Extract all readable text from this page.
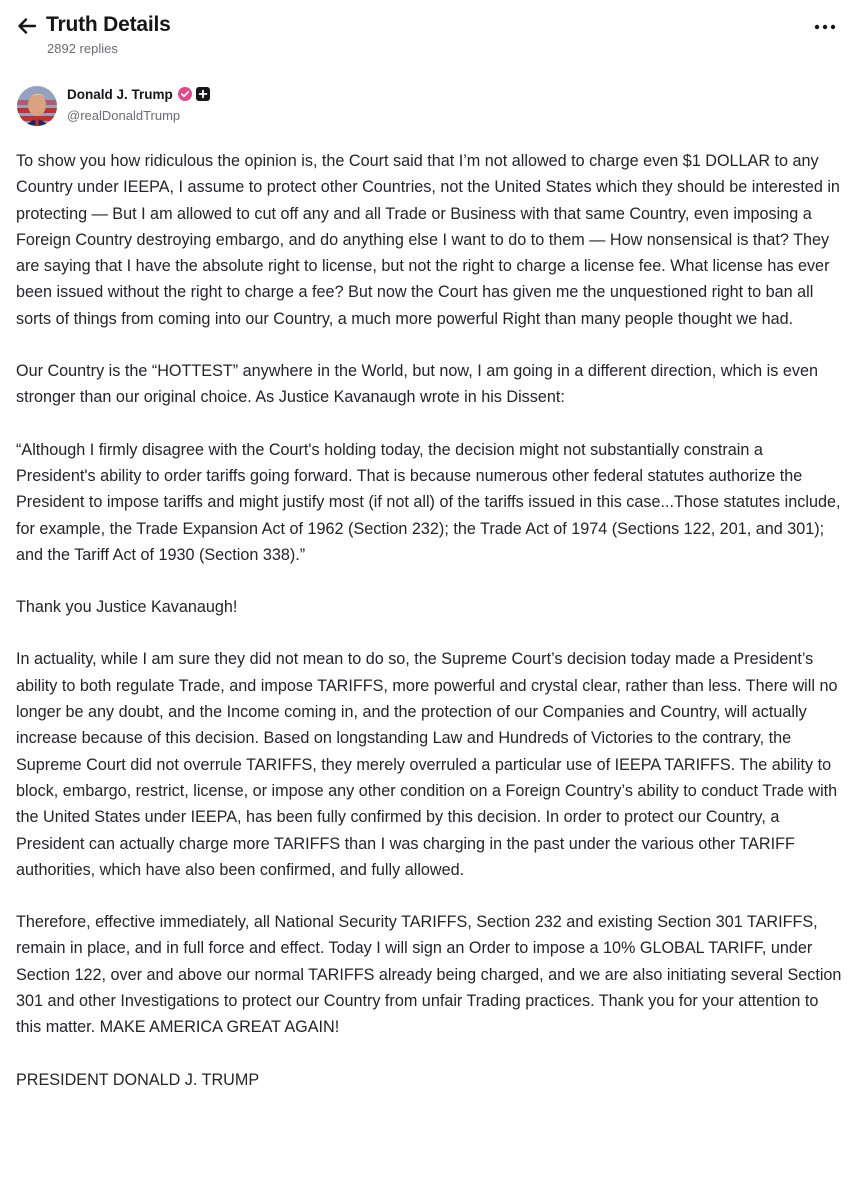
Truth Details
2892 replies
Donald J. Trump
@realDonaldTrump

To show you how ridiculous the opinion is, the Court said that I’m not allowed to charge even $1 DOLLAR to any Country under IEEPA, I assume to protect other Countries, not the United States which they should be interested in protecting — But I am allowed to cut off any and all Trade or Business with that same Country, even imposing a Foreign Country destroying embargo, and do anything else I want to do to them — How nonsensical is that? They are saying that I have the absolute right to license, but not the right to charge a license fee. What license has ever been issued without the right to charge a fee? But now the Court has given me the unquestioned right to ban all sorts of things from coming into our Country, a much more powerful Right than many people thought we had.

Our Country is the “HOTTEST” anywhere in the World, but now, I am going in a different direction, which is even stronger than our original choice. As Justice Kavanaugh wrote in his Dissent:

“Although I firmly disagree with the Court's holding today, the decision might not substantially constrain a President's ability to order tariffs going forward. That is because numerous other federal statutes authorize the President to impose tariffs and might justify most (if not all) of the tariffs issued in this case...Those statutes include, for example, the Trade Expansion Act of 1962 (Section 232); the Trade Act of 1974 (Sections 122, 201, and 301); and the Tariff Act of 1930 (Section 338).”

Thank you Justice Kavanaugh!

In actuality, while I am sure they did not mean to do so, the Supreme Court’s decision today made a President’s ability to both regulate Trade, and impose TARIFFS, more powerful and crystal clear, rather than less. There will no longer be any doubt, and the Income coming in, and the protection of our Companies and Country, will actually increase because of this decision. Based on longstanding Law and Hundreds of Victories to the contrary, the Supreme Court did not overrule TARIFFS, they merely overruled a particular use of IEEPA TARIFFS. The ability to block, embargo, restrict, license, or impose any other condition on a Foreign Country’s ability to conduct Trade with the United States under IEEPA, has been fully confirmed by this decision. In order to protect our Country, a President can actually charge more TARIFFS than I was charging in the past under the various other TARIFF authorities, which have also been confirmed, and fully allowed.

Therefore, effective immediately, all National Security TARIFFS, Section 232 and existing Section 301 TARIFFS, remain in place, and in full force and effect. Today I will sign an Order to impose a 10% GLOBAL TARIFF, under Section 122, over and above our normal TARIFFS already being charged, and we are also initiating several Section 301 and other Investigations to protect our Country from unfair Trading practices. Thank you for your attention to this matter. MAKE AMERICA GREAT AGAIN!

PRESIDENT DONALD J. TRUMP
